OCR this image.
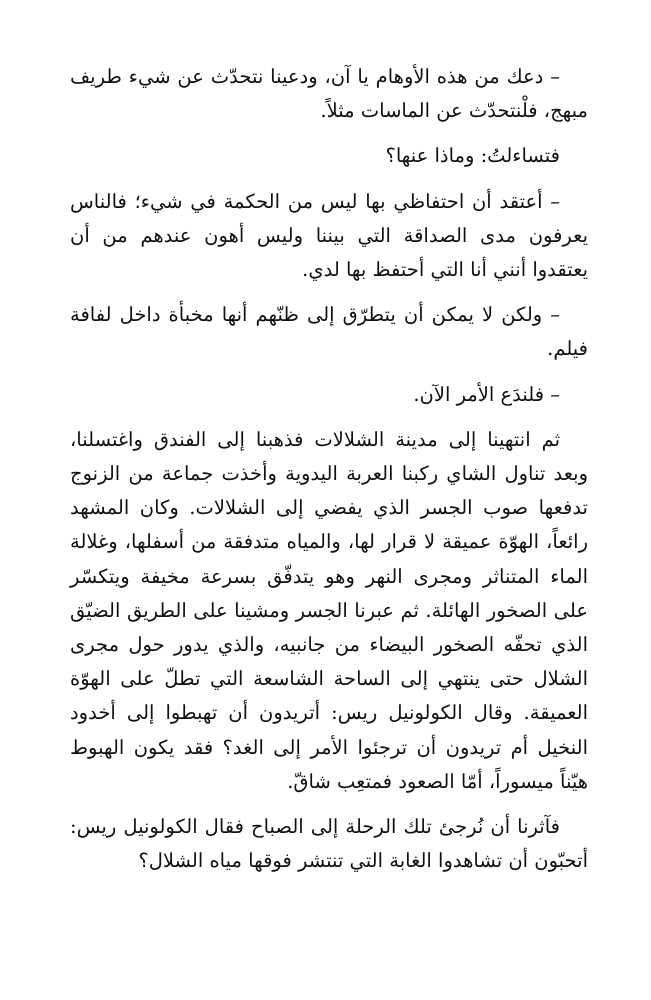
– دعك من هذه الأوهام يا آن، ودعينا نتحدّث عن شيء طريف مبهج، فلْنتحدّث عن الماسات مثلاً.

فتساءلتُ: وماذا عنها؟

– أعتقد أن احتفاظي بها ليس من الحكمة في شيء؛ فالناس يعرفون مدى الصداقة التي بيننا وليس أهون عندهم من أن يعتقدوا أنني أنا التي أحتفظ بها لدي.

– ولكن لا يمكن أن يتطرّق إلى ظنّهم أنها مخبأة داخل لفافة فيلم.

– فلندَع الأمر الآن.

ثم انتهينا إلى مدينة الشلالات فذهبنا إلى الفندق واغتسلنا، وبعد تناول الشاي ركبنا العربة اليدوية وأخذت جماعة من الزنوج تدفعها صوب الجسر الذي يفضي إلى الشلالات. وكان المشهد رائعاً، الهوّة عميقة لا قرار لها، والمياه متدفقة من أسفلها، وغلالة الماء المتناثر ومجرى النهر وهو يتدفّق بسرعة مخيفة ويتكسّر على الصخور الهائلة. ثم عبرنا الجسر ومشينا على الطريق الضيّق الذي تحفّه الصخور البيضاء من جانبيه، والذي يدور حول مجرى الشلال حتى ينتهي إلى الساحة الشاسعة التي تطلّ على الهوّة العميقة. وقال الكولونيل ريس: أتريدون أن تهبطوا إلى أخدود النخيل أم تريدون أن ترجئوا الأمر إلى الغد؟ فقد يكون الهبوط هيّناً ميسوراً، أمّا الصعود فمتعِب شاقّ.

فآثرنا أن نُرجئ تلك الرحلة إلى الصباح فقال الكولونيل ريس: أتحبّون أن تشاهدوا الغابة التي تنتشر فوقها مياه الشلال؟
